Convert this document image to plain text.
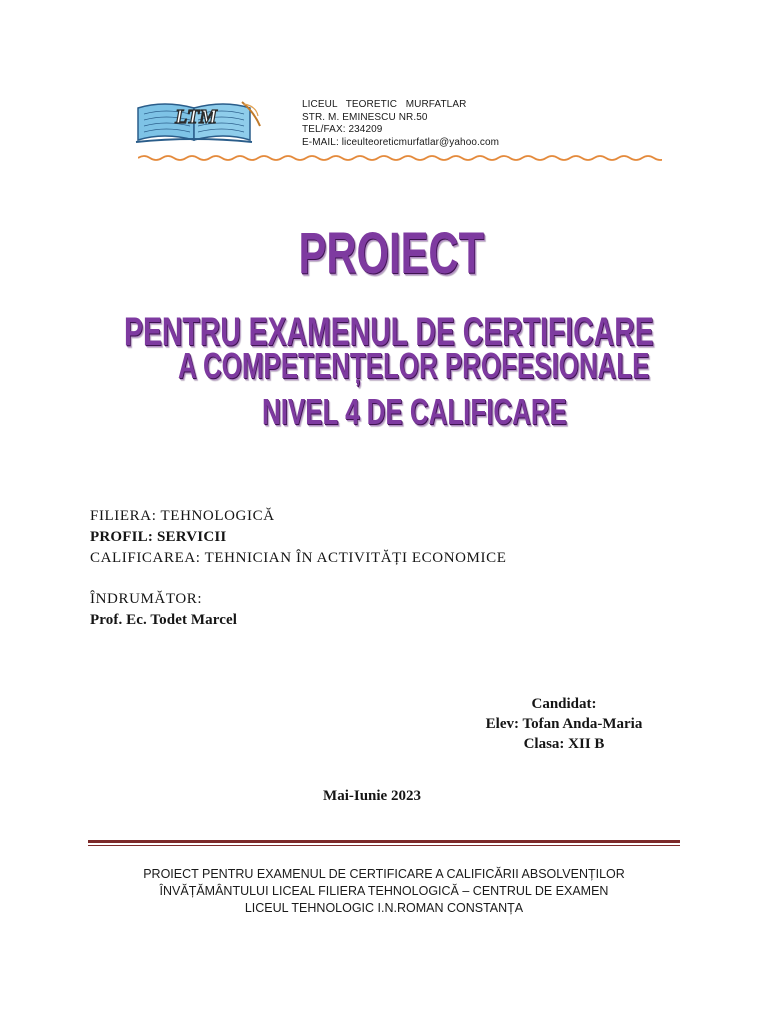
LTM
LICEUL   TEORETIC   MURFATLAR
STR. M. EMINESCU NR.50
TEL/FAX: 234209
E-MAIL: liceulteoreticmurfatlar@yahoo.com
PROIECT
PENTRU EXAMENUL DE CERTIFICARE
A COMPETENȚELOR PROFESIONALE
NIVEL 4 DE CALIFICARE
FILIERA: TEHNOLOGICĂ
PROFIL: SERVICII
CALIFICAREA: TEHNICIAN ÎN ACTIVITĂȚI ECONOMICE
ÎNDRUMĂTOR:
Prof. Ec. Todet Marcel
Candidat:
Elev: Tofan Anda-Maria
Clasa: XII B
Mai-Iunie 2023
PROIECT PENTRU EXAMENUL DE CERTIFICARE A CALIFICĂRII ABSOLVENȚILOR
ÎNVĂȚĂMÂNTULUI LICEAL FILIERA TEHNOLOGICĂ – CENTRUL DE EXAMEN
LICEUL TEHNOLOGIC I.N.ROMAN CONSTANȚA
